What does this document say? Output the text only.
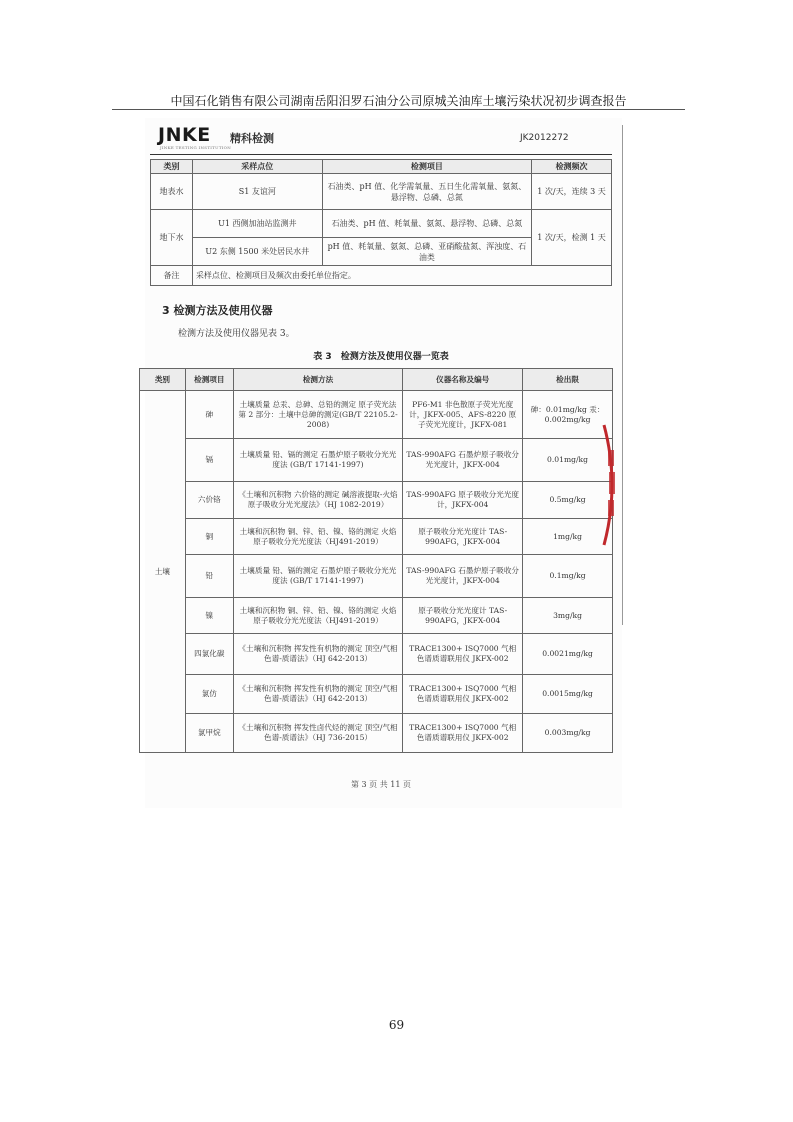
中国石化销售有限公司湖南岳阳汨罗石油分公司原城关油库土壤污染状况初步调查报告
JNKE 精科检测
JINKE TESTING INSTITUTION
JK2012272
类别	采样点位	检测项目	检测频次
地表水	S1 友谊河	石油类、pH 值、化学需氧量、五日生化需氧量、氨氮、悬浮物、总磷、总氮	1 次/天，连续 3 天
地下水	U1 西侧加油站监测井	石油类、pH 值、耗氧量、氨氮、悬浮物、总磷、总氮	1 次/天，检测 1 天
	U2 东侧 1500 米处居民水井	pH 值、耗氧量、氨氮、总磷、亚硝酸盐氮、浑浊度、石油类	
备注	采样点位、检测项目及频次由委托单位指定。		
3 检测方法及使用仪器
检测方法及使用仪器见表 3。
表 3　检测方法及使用仪器一览表
类别	检测项目	检测方法	仪器名称及编号	检出限
土壤	砷	土壤质量 总汞、总砷、总铅的测定 原子荧光法 第 2 部分：土壤中总砷的测定(GB/T 22105.2-2008)	PF6-M1 非色散原子荧光光度计，JKFX-005、AFS-8220 原子荧光光度计，JKFX-081	砷：0.01mg/kg 汞：0.002mg/kg
	镉	土壤质量 铅、镉的测定 石墨炉原子吸收分光光度法 (GB/T 17141-1997)	TAS-990AFG 石墨炉原子吸收分光光度计，JKFX-004	0.01mg/kg
	六价铬	《土壤和沉积物 六价铬的测定 碱溶液提取-火焰原子吸收分光光度法》（HJ 1082-2019）	TAS-990AFG 原子吸收分光光度计，JKFX-004	0.5mg/kg
	铜	土壤和沉积物 铜、锌、铅、镍、铬的测定 火焰原子吸收分光光度法（HJ491-2019）	原子吸收分光光度计 TAS-990AFG，JKFX-004	1mg/kg
	铅	土壤质量 铅、镉的测定 石墨炉原子吸收分光光度法 (GB/T 17141-1997)	TAS-990AFG 石墨炉原子吸收分光光度计，JKFX-004	0.1mg/kg
	镍	土壤和沉积物 铜、锌、铅、镍、铬的测定 火焰原子吸收分光光度法（HJ491-2019）	原子吸收分光光度计 TAS-990AFG，JKFX-004	3mg/kg
	四氯化碳	《土壤和沉积物 挥发性有机物的测定 顶空/气相色谱-质谱法》（HJ 642-2013）	TRACE1300+ ISQ7000 气相色谱质谱联用仪 JKFX-002	0.0021mg/kg
	氯仿	《土壤和沉积物 挥发性有机物的测定 顶空/气相色谱-质谱法》（HJ 642-2013）	TRACE1300+ ISQ7000 气相色谱质谱联用仪 JKFX-002	0.0015mg/kg
	氯甲烷	《土壤和沉积物 挥发性卤代烃的测定 顶空/气相色谱-质谱法》（HJ 736-2015）	TRACE1300+ ISQ7000 气相色谱质谱联用仪 JKFX-002	0.003mg/kg
第 3 页 共 11 页
69
